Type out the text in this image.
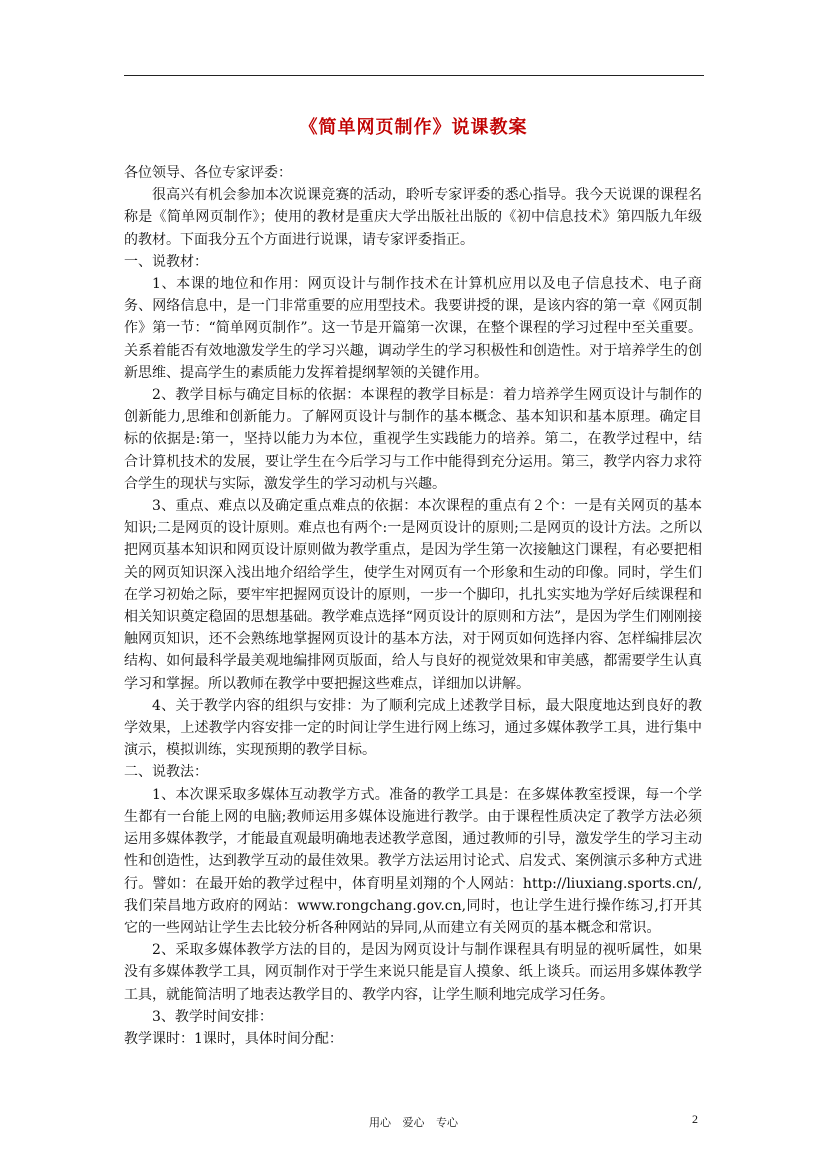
《简单网页制作》说课教案

各位领导、各位专家评委：

很高兴有机会参加本次说课竞赛的活动，聆听专家评委的悉心指导。我今天说课的课程名称是《简单网页制作》；使用的教材是重庆大学出版社出版的《初中信息技术》第四版九年级的教材。下面我分五个方面进行说课，请专家评委指正。

一、说教材：

1、本课的地位和作用：网页设计与制作技术在计算机应用以及电子信息技术、电子商务、网络信息中，是一门非常重要的应用型技术。我要讲授的课，是该内容的第一章《网页制作》第一节：“简单网页制作”。这一节是开篇第一次课，在整个课程的学习过程中至关重要。关系着能否有效地激发学生的学习兴趣，调动学生的学习积极性和创造性。对于培养学生的创新思维、提高学生的素质能力发挥着提纲挈领的关键作用。

2、教学目标与确定目标的依据：本课程的教学目标是：着力培养学生网页设计与制作的创新能力,思维和创新能力。了解网页设计与制作的基本概念、基本知识和基本原理。确定目标的依据是:第一，坚持以能力为本位，重视学生实践能力的培养。第二，在教学过程中，结合计算机技术的发展，要让学生在今后学习与工作中能得到充分运用。第三，教学内容力求符合学生的现状与实际，激发学生的学习动机与兴趣。

3、重点、难点以及确定重点难点的依据：本次课程的重点有２个：一是有关网页的基本知识;二是网页的设计原则。难点也有两个:一是网页设计的原则;二是网页的设计方法。之所以把网页基本知识和网页设计原则做为教学重点，是因为学生第一次接触这门课程，有必要把相关的网页知识深入浅出地介绍给学生，使学生对网页有一个形象和生动的印像。同时，学生们在学习初始之际，要牢牢把握网页设计的原则，一步一个脚印，扎扎实实地为学好后续课程和相关知识奠定稳固的思想基础。教学难点选择“网页设计的原则和方法”，是因为学生们刚刚接触网页知识，还不会熟练地掌握网页设计的基本方法，对于网页如何选择内容、怎样编排层次结构、如何最科学最美观地编排网页版面，给人与良好的视觉效果和审美感，都需要学生认真学习和掌握。所以教师在教学中要把握这些难点，详细加以讲解。

4、关于教学内容的组织与安排：为了顺利完成上述教学目标，最大限度地达到良好的教学效果，上述教学内容安排一定的时间让学生进行网上练习，通过多媒体教学工具，进行集中演示，模拟训练，实现预期的教学目标。

二、说教法：

1、本次课采取多媒体互动教学方式。准备的教学工具是：在多媒体教室授课，每一个学生都有一台能上网的电脑;教师运用多媒体设施进行教学。由于课程性质决定了教学方法必须运用多媒体教学，才能最直观最明确地表述教学意图，通过教师的引导，激发学生的学习主动性和创造性，达到教学互动的最佳效果。教学方法运用讨论式、启发式、案例演示多种方式进行。譬如：在最开始的教学过程中，体育明星刘翔的个人网站：http://liuxiang.sports.cn/,我们荣昌地方政府的网站：www.rongchang.gov.cn,同时，也让学生进行操作练习,打开其它的一些网站让学生去比较分析各种网站的异同,从而建立有关网页的基本概念和常识。

2、采取多媒体教学方法的目的，是因为网页设计与制作课程具有明显的视听属性，如果没有多媒体教学工具，网页制作对于学生来说只能是盲人摸象、纸上谈兵。而运用多媒体教学工具，就能简洁明了地表达教学目的、教学内容，让学生顺利地完成学习任务。

3、教学时间安排：

教学课时：1课时，具体时间分配：

用心 爱心 专心	2
